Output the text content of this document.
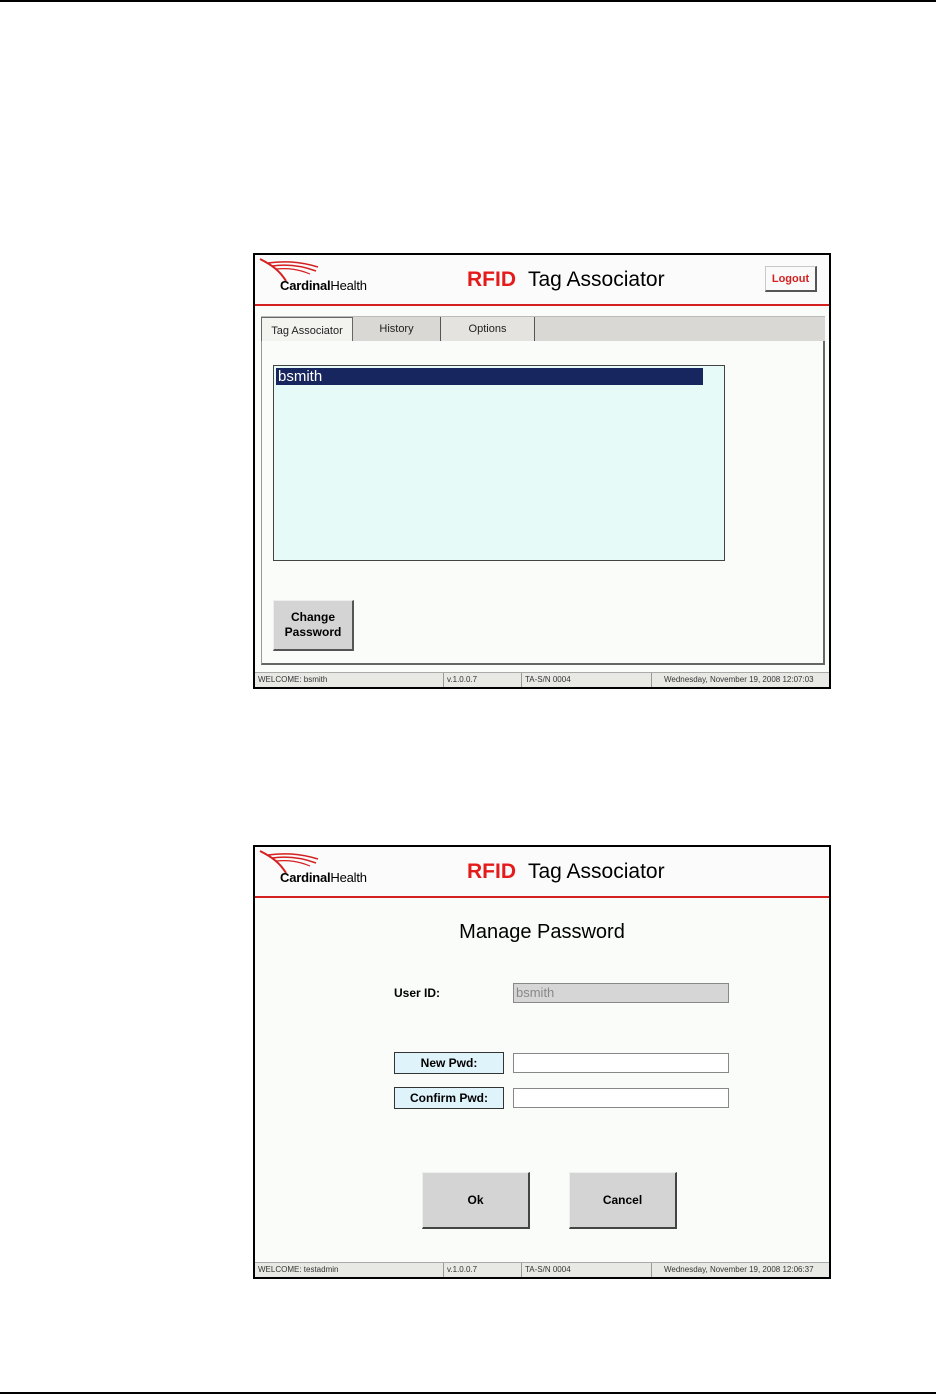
CardinalHealth	RFID Tag Associator	Logout
Tag Associator	History	Options
bsmith
Change
Password
WELCOME: bsmith	v.1.0.0.7	TA-S/N 0004	Wednesday, November 19, 2008 12:07:03
CardinalHealth	RFID Tag Associator
Manage Password
User ID:	bsmith
New Pwd:
Confirm Pwd:
Ok	Cancel
WELCOME: testadmin	v.1.0.0.7	TA-S/N 0004	Wednesday, November 19, 2008 12:06:37
